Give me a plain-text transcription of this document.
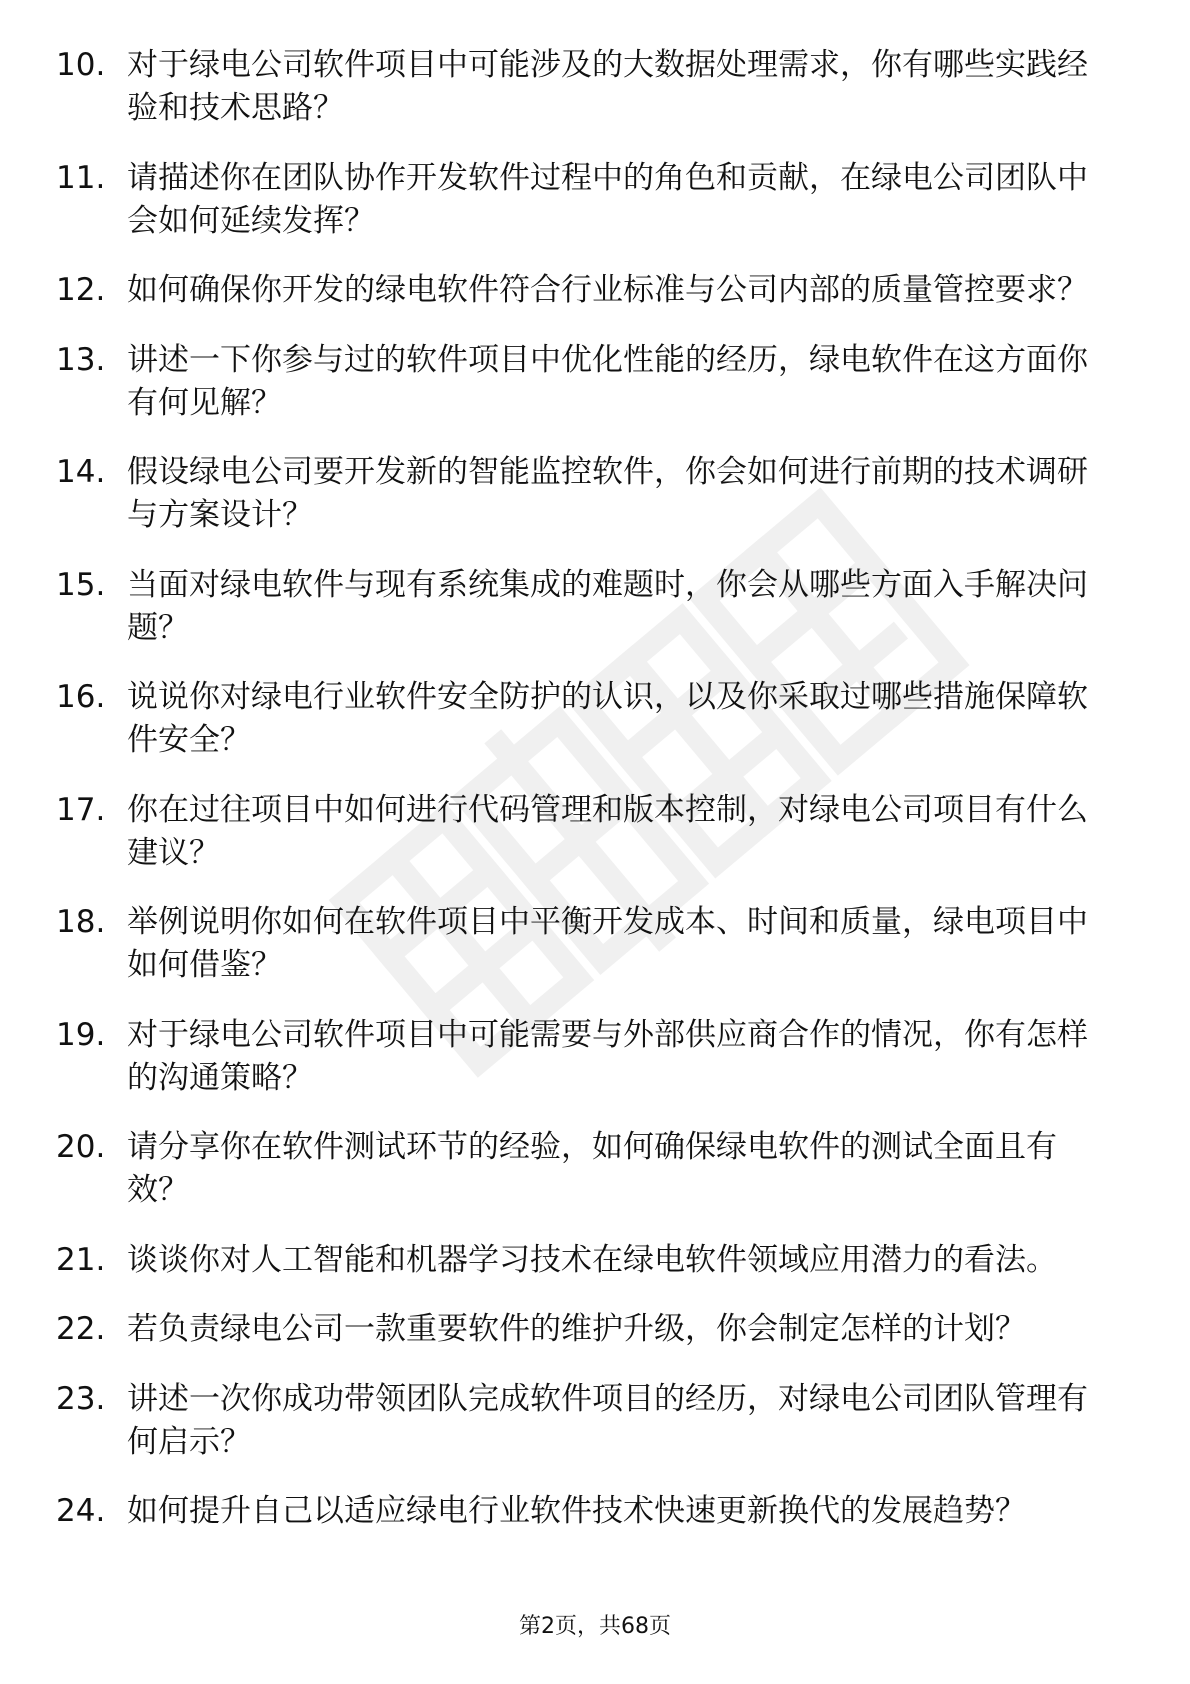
10. 对于绿电公司软件项目中可能涉及的大数据处理需求，你有哪些实践经验和技术思路？
11. 请描述你在团队协作开发软件过程中的角色和贡献，在绿电公司团队中会如何延续发挥？
12. 如何确保你开发的绿电软件符合行业标准与公司内部的质量管控要求？
13. 讲述一下你参与过的软件项目中优化性能的经历，绿电软件在这方面你有何见解？
14. 假设绿电公司要开发新的智能监控软件，你会如何进行前期的技术调研与方案设计？
15. 当面对绿电软件与现有系统集成的难题时，你会从哪些方面入手解决问题？
16. 说说你对绿电行业软件安全防护的认识，以及你采取过哪些措施保障软件安全？
17. 你在过往项目中如何进行代码管理和版本控制，对绿电公司项目有什么建议？
18. 举例说明你如何在软件项目中平衡开发成本、时间和质量，绿电项目中如何借鉴？
19. 对于绿电公司软件项目中可能需要与外部供应商合作的情况，你有怎样的沟通策略？
20. 请分享你在软件测试环节的经验，如何确保绿电软件的测试全面且有效？
21. 谈谈你对人工智能和机器学习技术在绿电软件领域应用潜力的看法。
22. 若负责绿电公司一款重要软件的维护升级，你会制定怎样的计划？
23. 讲述一次你成功带领团队完成软件项目的经历，对绿电公司团队管理有何启示？
24. 如何提升自己以适应绿电行业软件技术快速更新换代的发展趋势？
第2页，共68页
